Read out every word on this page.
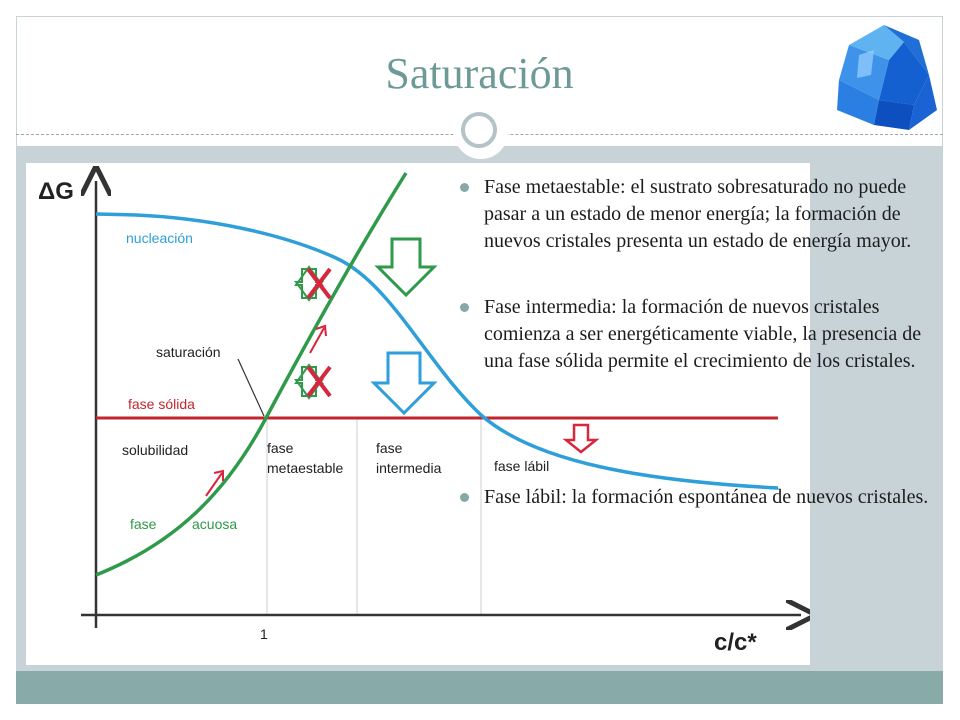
Saturación
ΔG
c/c*
1
nucleación
saturación
fase sólida
solubilidad
fase	acuosa
fase
metaestable
fase
intermedia	fase lábil
Fase metaestable: el sustrato sobresaturado no puede pasar a un estado de menor energía; la formación de nuevos cristales presenta un estado de energía mayor.
Fase intermedia: la formación de nuevos cristales comienza a ser energéticamente viable, la presencia de una fase sólida permite el crecimiento de los cristales.
Fase lábil: la formación espontánea de nuevos cristales.
